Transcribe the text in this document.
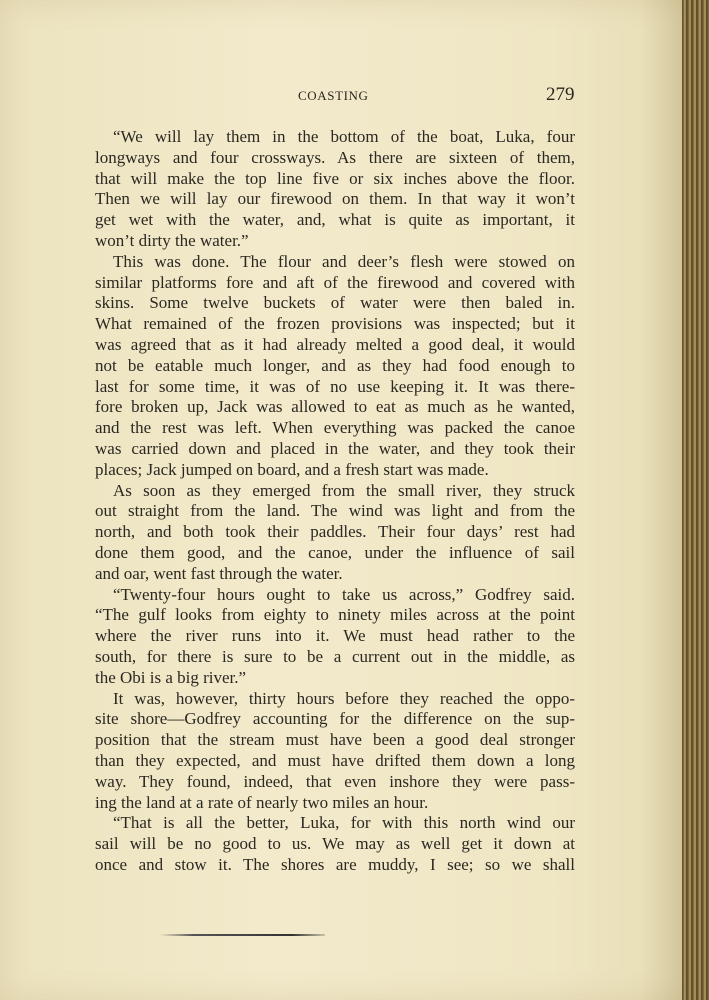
COASTING	279
“We will lay them in the bottom of the boat, Luka, four
longways and four crossways. As there are sixteen of them,
that will make the top line five or six inches above the floor.
Then we will lay our firewood on them. In that way it won’t
get wet with the water, and, what is quite as important, it
won’t dirty the water.”
This was done. The flour and deer’s flesh were stowed on
similar platforms fore and aft of the firewood and covered with
skins. Some twelve buckets of water were then baled in.
What remained of the frozen provisions was inspected; but it
was agreed that as it had already melted a good deal, it would
not be eatable much longer, and as they had food enough to
last for some time, it was of no use keeping it. It was there-
fore broken up, Jack was allowed to eat as much as he wanted,
and the rest was left. When everything was packed the canoe
was carried down and placed in the water, and they took their
places; Jack jumped on board, and a fresh start was made.
As soon as they emerged from the small river, they struck
out straight from the land. The wind was light and from the
north, and both took their paddles. Their four days’ rest had
done them good, and the canoe, under the influence of sail
and oar, went fast through the water.
“Twenty-four hours ought to take us across,” Godfrey said.
“The gulf looks from eighty to ninety miles across at the point
where the river runs into it. We must head rather to the
south, for there is sure to be a current out in the middle, as
the Obi is a big river.”
It was, however, thirty hours before they reached the oppo-
site shore—Godfrey accounting for the difference on the sup-
position that the stream must have been a good deal stronger
than they expected, and must have drifted them down a long
way. They found, indeed, that even inshore they were pass-
ing the land at a rate of nearly two miles an hour.
“That is all the better, Luka, for with this north wind our
sail will be no good to us. We may as well get it down at
once and stow it. The shores are muddy, I see; so we shall
